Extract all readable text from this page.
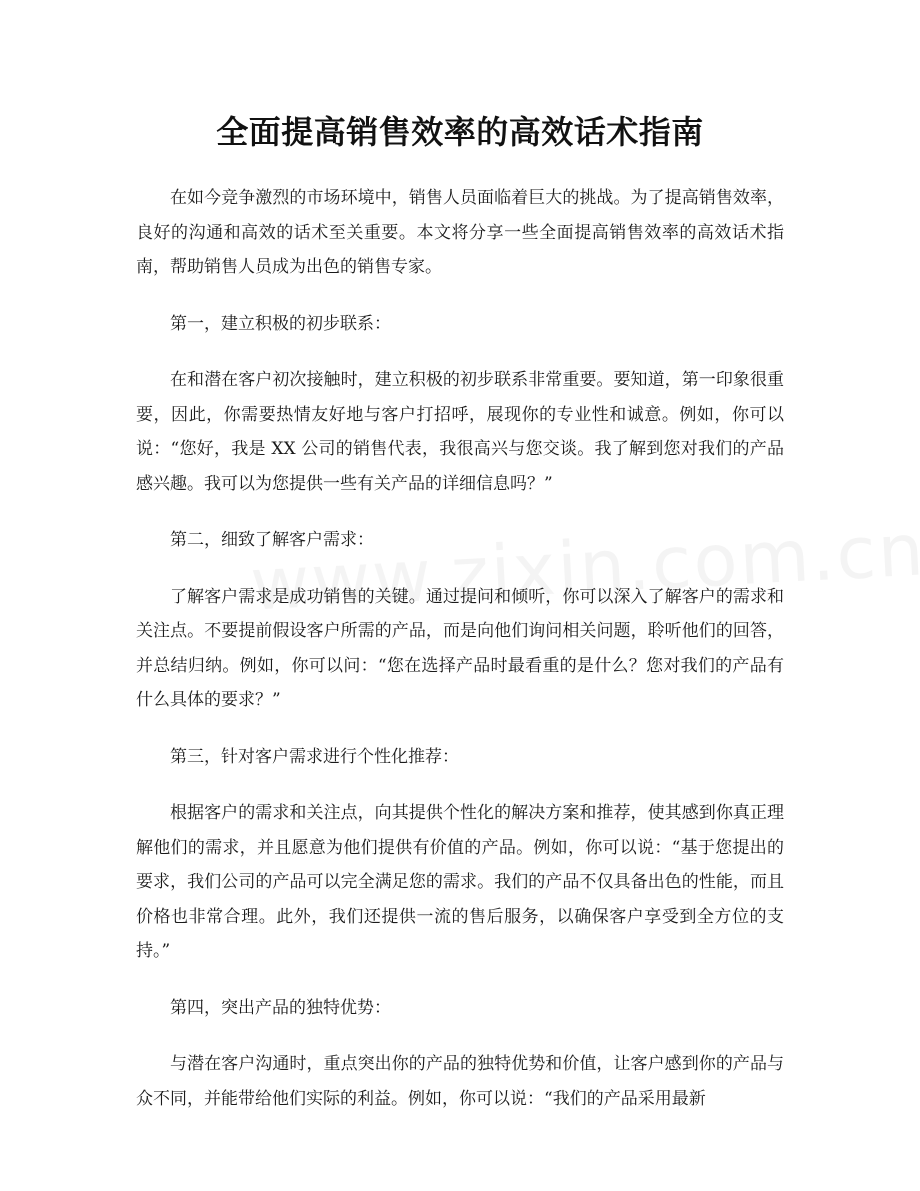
全面提高销售效率的高效话术指南

在如今竞争激烈的市场环境中，销售人员面临着巨大的挑战。为了提高销售效率，良好的沟通和高效的话术至关重要。本文将分享一些全面提高销售效率的高效话术指南，帮助销售人员成为出色的销售专家。

第一，建立积极的初步联系：

在和潜在客户初次接触时，建立积极的初步联系非常重要。要知道，第一印象很重要，因此，你需要热情友好地与客户打招呼，展现你的专业性和诚意。例如，你可以说：“您好，我是 XX 公司的销售代表，我很高兴与您交谈。我了解到您对我们的产品感兴趣。我可以为您提供一些有关产品的详细信息吗？”

第二，细致了解客户需求：

了解客户需求是成功销售的关键。通过提问和倾听，你可以深入了解客户的需求和关注点。不要提前假设客户所需的产品，而是向他们询问相关问题，聆听他们的回答，并总结归纳。例如，你可以问：“您在选择产品时最看重的是什么？您对我们的产品有什么具体的要求？”

第三，针对客户需求进行个性化推荐：

根据客户的需求和关注点，向其提供个性化的解决方案和推荐，使其感到你真正理解他们的需求，并且愿意为他们提供有价值的产品。例如，你可以说：“基于您提出的要求，我们公司的产品可以完全满足您的需求。我们的产品不仅具备出色的性能，而且价格也非常合理。此外，我们还提供一流的售后服务，以确保客户享受到全方位的支持。”

第四，突出产品的独特优势：

与潜在客户沟通时，重点突出你的产品的独特优势和价值，让客户感到你的产品与众不同，并能带给他们实际的利益。例如，你可以说：“我们的产品采用最新
